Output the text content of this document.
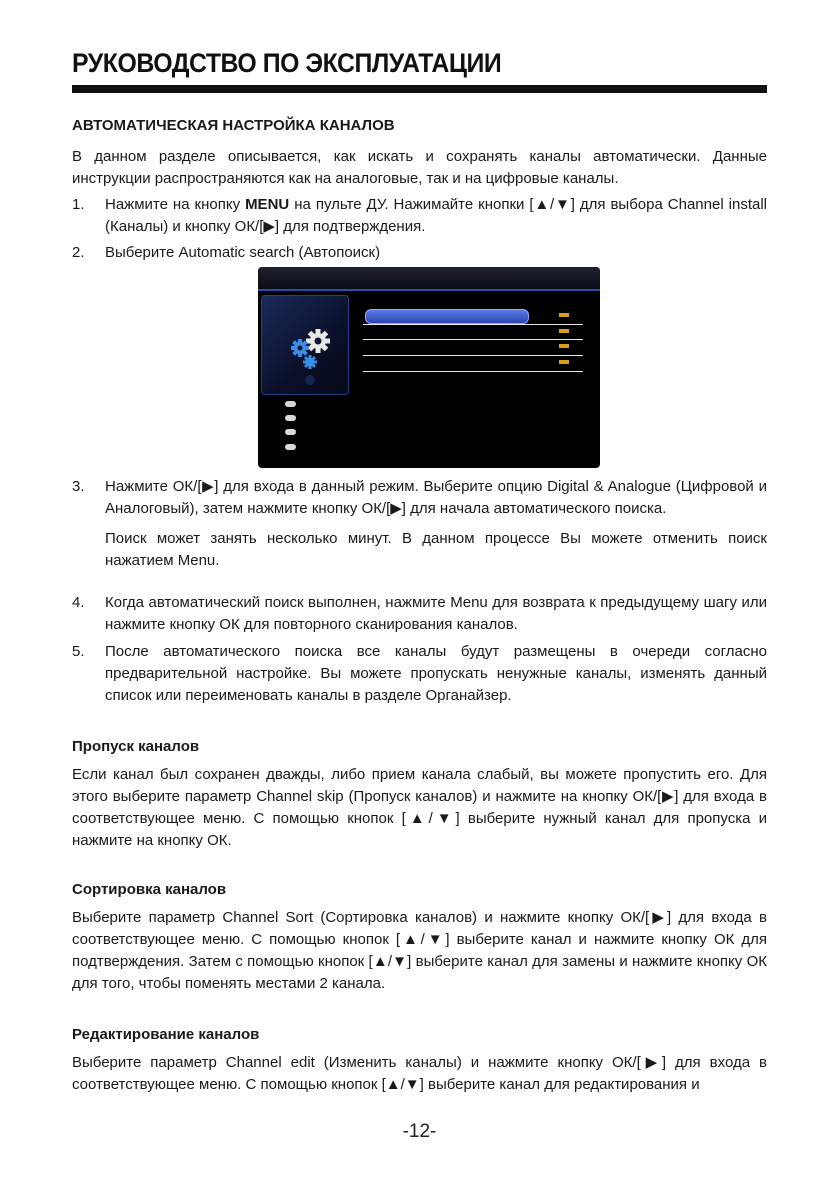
РУКОВОДСТВО ПО ЭКСПЛУАТАЦИИ
АВТОМАТИЧЕСКАЯ НАСТРОЙКА КАНАЛОВ

В данном разделе описывается, как искать и сохранять каналы автоматически. Данные инструкции распространяются как на аналоговые, так и на цифровые каналы.

1. Нажмите на кнопку MENU на пульте ДУ. Нажимайте кнопки [▲/▼] для выбора Channel install (Каналы) и кнопку ОК/[▶] для подтверждения.
2. Выберите Automatic search (Автопоиск)
3. Нажмите ОК/[▶] для входа в данный режим. Выберите опцию Digital & Analogue (Цифровой и Аналоговый), затем нажмите кнопку ОК/[▶] для начала автоматического поиска.
Поиск может занять несколько минут. В данном процессе Вы можете отменить поиск нажатием Menu.
4. Когда автоматический поиск выполнен, нажмите Menu для возврата к предыдущему шагу или нажмите кнопку ОК для повторного сканирования каналов.
5. После автоматического поиска все каналы будут размещены в очереди согласно предварительной настройке. Вы можете пропускать ненужные каналы, изменять данный список или переименовать каналы в разделе Органайзер.
Пропуск каналов

Если канал был сохранен дважды, либо прием канала слабый, вы можете пропустить его. Для этого выберите параметр Channel skip (Пропуск каналов) и нажмите на кнопку ОК/[▶] для входа в соответствующее меню. С помощью кнопок [▲/▼] выберите нужный канал для пропуска и нажмите на кнопку ОК.

Сортировка каналов

Выберите параметр Channel Sort (Сортировка каналов) и нажмите кнопку ОК/[▶] для входа в соответствующее меню. С помощью кнопок [▲/▼] выберите канал и нажмите кнопку ОК для подтверждения. Затем с помощью кнопок [▲/▼] выберите канал для замены и нажмите кнопку ОК для того, чтобы поменять местами 2 канала.

Редактирование каналов

Выберите параметр Channel edit (Изменить каналы) и нажмите кнопку ОК/[▶] для входа в соответствующее меню. С помощью кнопок [▲/▼] выберите канал для редактирования и

-12-
